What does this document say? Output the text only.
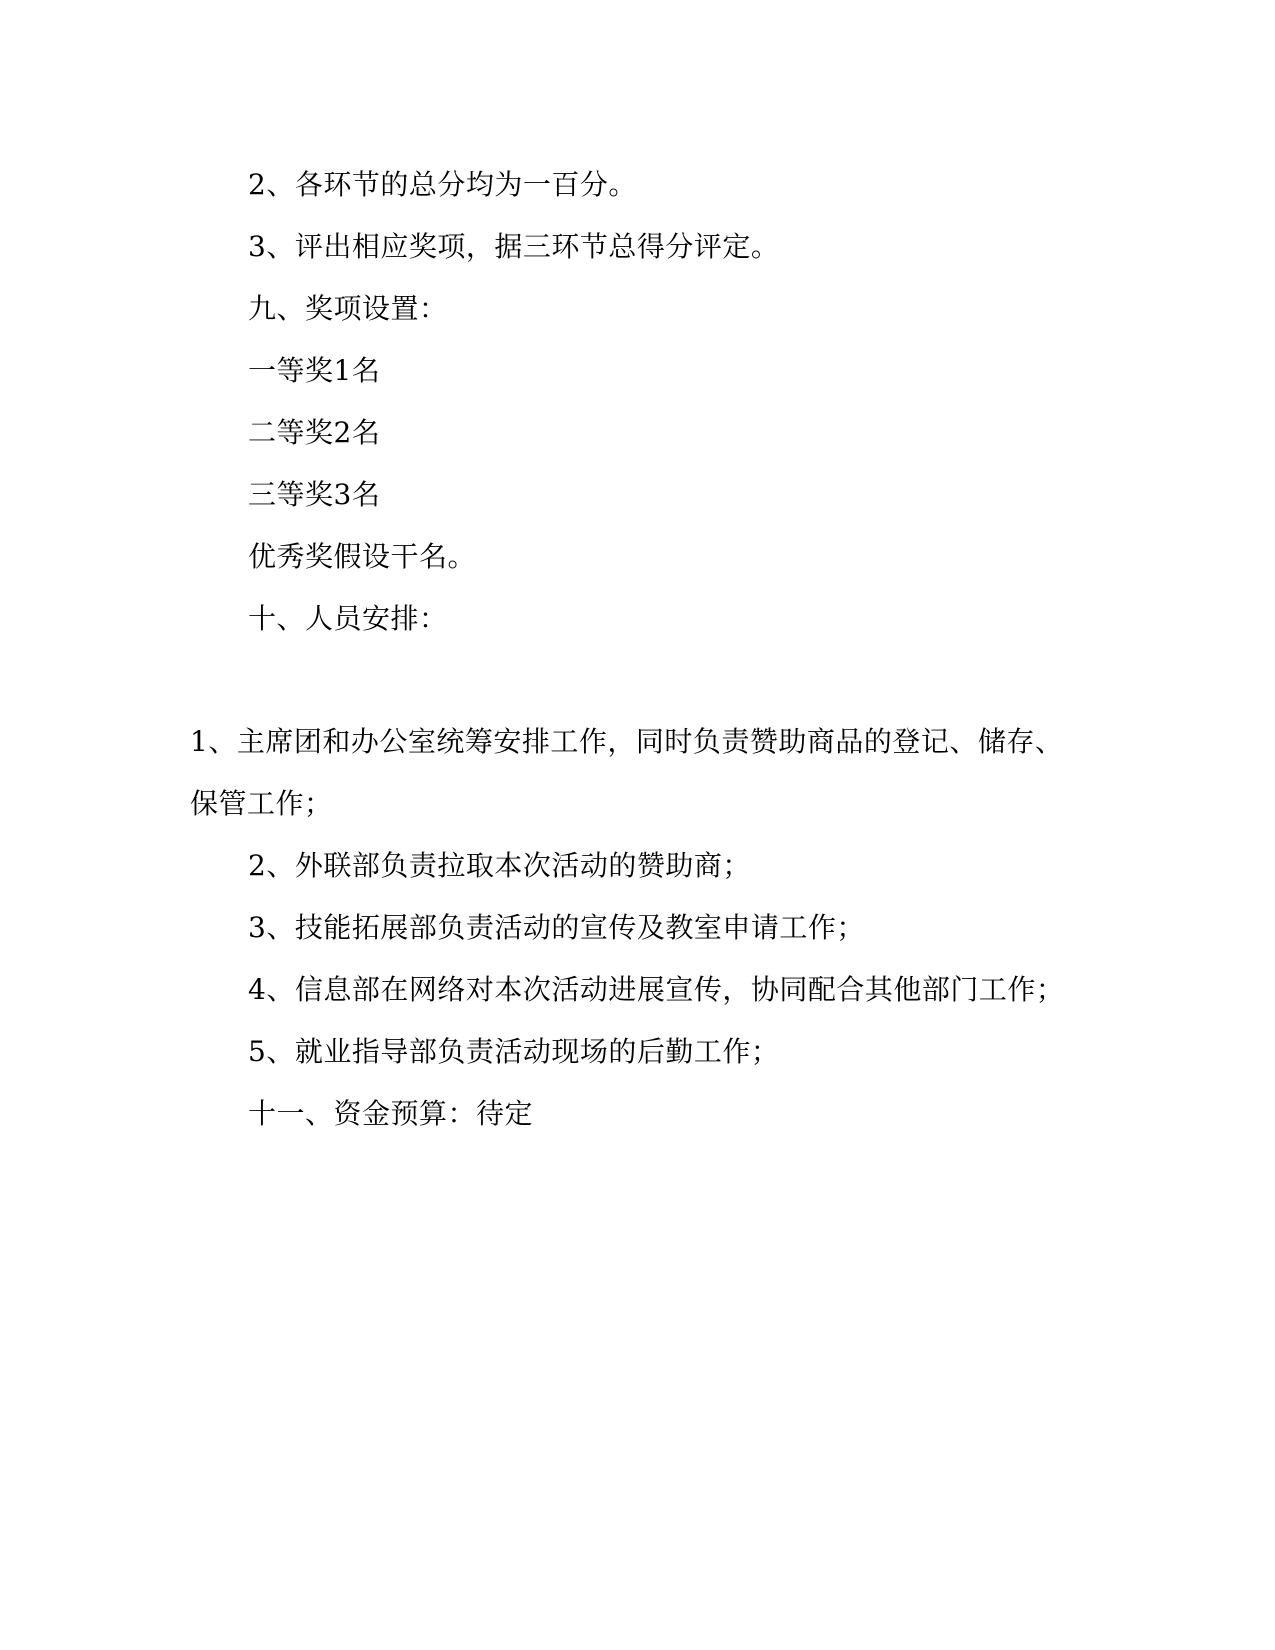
2、各环节的总分均为一百分。
3、评出相应奖项，据三环节总得分评定。
九、奖项设置：
一等奖1名
二等奖2名
三等奖3名
优秀奖假设干名。
十、人员安排：
1、主席团和办公室统筹安排工作，同时负责赞助商品的登记、储存、
保管工作；
2、外联部负责拉取本次活动的赞助商；
3、技能拓展部负责活动的宣传及教室申请工作；
4、信息部在网络对本次活动进展宣传，协同配合其他部门工作；
5、就业指导部负责活动现场的后勤工作；
十一、资金预算：待定
